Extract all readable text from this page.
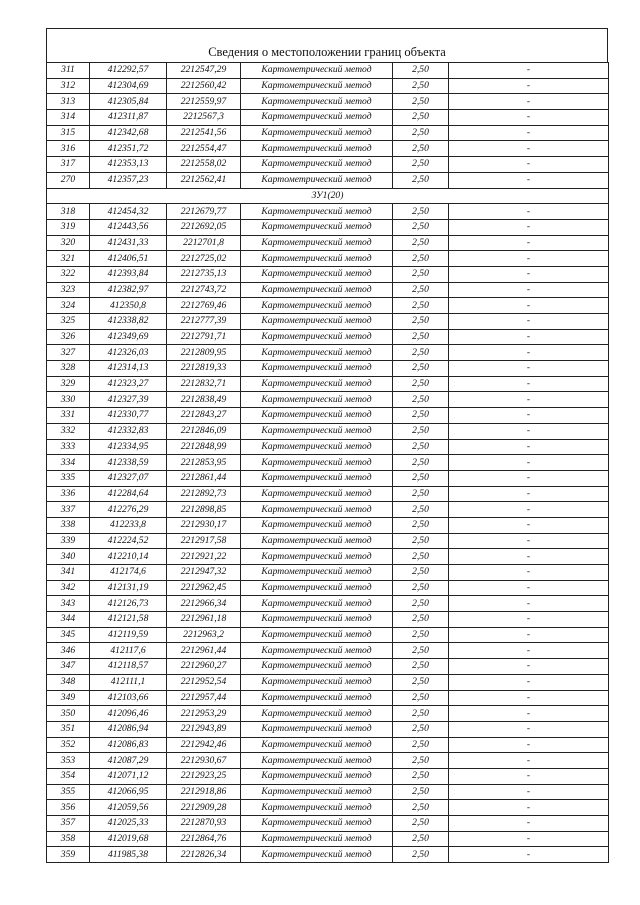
Сведения о местоположении границ объекта
311	412292,57	2212547,29	Картометрический метод	2,50	-
312	412304,69	2212560,42	Картометрический метод	2,50	-
313	412305,84	2212559,97	Картометрический метод	2,50	-
314	412311,87	2212567,3	Картометрический метод	2,50	-
315	412342,68	2212541,56	Картометрический метод	2,50	-
316	412351,72	2212554,47	Картометрический метод	2,50	-
317	412353,13	2212558,02	Картометрический метод	2,50	-
270	412357,23	2212562,41	Картометрический метод	2,50	-
ЗУ1(20)					
318	412454,32	2212679,77	Картометрический метод	2,50	-
319	412443,56	2212692,05	Картометрический метод	2,50	-
320	412431,33	2212701,8	Картометрический метод	2,50	-
321	412406,51	2212725,02	Картометрический метод	2,50	-
322	412393,84	2212735,13	Картометрический метод	2,50	-
323	412382,97	2212743,72	Картометрический метод	2,50	-
324	412350,8	2212769,46	Картометрический метод	2,50	-
325	412338,82	2212777,39	Картометрический метод	2,50	-
326	412349,69	2212791,71	Картометрический метод	2,50	-
327	412326,03	2212809,95	Картометрический метод	2,50	-
328	412314,13	2212819,33	Картометрический метод	2,50	-
329	412323,27	2212832,71	Картометрический метод	2,50	-
330	412327,39	2212838,49	Картометрический метод	2,50	-
331	412330,77	2212843,27	Картометрический метод	2,50	-
332	412332,83	2212846,09	Картометрический метод	2,50	-
333	412334,95	2212848,99	Картометрический метод	2,50	-
334	412338,59	2212853,95	Картометрический метод	2,50	-
335	412327,07	2212861,44	Картометрический метод	2,50	-
336	412284,64	2212892,73	Картометрический метод	2,50	-
337	412276,29	2212898,85	Картометрический метод	2,50	-
338	412233,8	2212930,17	Картометрический метод	2,50	-
339	412224,52	2212917,58	Картометрический метод	2,50	-
340	412210,14	2212921,22	Картометрический метод	2,50	-
341	412174,6	2212947,32	Картометрический метод	2,50	-
342	412131,19	2212962,45	Картометрический метод	2,50	-
343	412126,73	2212966,34	Картометрический метод	2,50	-
344	412121,58	2212961,18	Картометрический метод	2,50	-
345	412119,59	2212963,2	Картометрический метод	2,50	-
346	412117,6	2212961,44	Картометрический метод	2,50	-
347	412118,57	2212960,27	Картометрический метод	2,50	-
348	412111,1	2212952,54	Картометрический метод	2,50	-
349	412103,66	2212957,44	Картометрический метод	2,50	-
350	412096,46	2212953,29	Картометрический метод	2,50	-
351	412086,94	2212943,89	Картометрический метод	2,50	-
352	412086,83	2212942,46	Картометрический метод	2,50	-
353	412087,29	2212930,67	Картометрический метод	2,50	-
354	412071,12	2212923,25	Картометрический метод	2,50	-
355	412066,95	2212918,86	Картометрический метод	2,50	-
356	412059,56	2212909,28	Картометрический метод	2,50	-
357	412025,33	2212870,93	Картометрический метод	2,50	-
358	412019,68	2212864,76	Картометрический метод	2,50	-
359	411985,38	2212826,34	Картометрический метод	2,50	-
